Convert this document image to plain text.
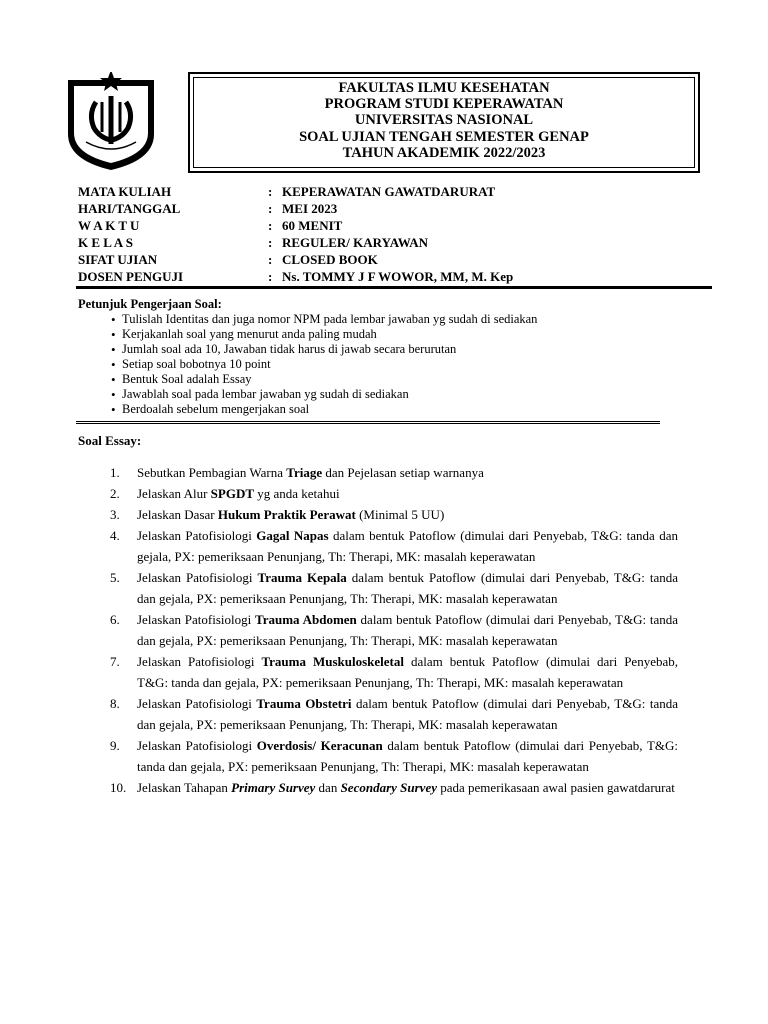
FAKULTAS ILMU KESEHATAN
PROGRAM STUDI KEPERAWATAN
UNIVERSITAS NASIONAL
SOAL UJIAN TENGAH SEMESTER GENAP
TAHUN AKADEMIK 2022/2023
MATA KULIAH	: KEPERAWATAN GAWATDARURAT
HARI/TANGGAL	: MEI 2023
W A K T U	: 60 MENIT
K E L A S	: REGULER/ KARYAWAN
SIFAT UJIAN	: CLOSED BOOK
DOSEN PENGUJI	: Ns. TOMMY J F WOWOR, MM, M. Kep
Petunjuk Pengerjaan Soal:
• Tulislah Identitas dan juga nomor NPM pada lembar jawaban yg sudah di sediakan
• Kerjakanlah soal yang menurut anda paling mudah
• Jumlah soal ada 10, Jawaban tidak harus di jawab secara berurutan
• Setiap soal bobotnya 10 point
• Bentuk Soal adalah Essay
• Jawablah soal pada lembar jawaban yg sudah di sediakan
• Berdoalah sebelum mengerjakan soal
Soal Essay:
1. Sebutkan Pembagian Warna Triage dan Pejelasan setiap warnanya
2. Jelaskan Alur SPGDT yg anda ketahui
3. Jelaskan Dasar Hukum Praktik Perawat (Minimal 5 UU)
4. Jelaskan Patofisiologi Gagal Napas dalam bentuk Patoflow (dimulai dari Penyebab, T&G: tanda dan gejala, PX: pemeriksaan Penunjang, Th: Therapi, MK: masalah keperawatan
5. Jelaskan Patofisiologi Trauma Kepala dalam bentuk Patoflow (dimulai dari Penyebab, T&G: tanda dan gejala, PX: pemeriksaan Penunjang, Th: Therapi, MK: masalah keperawatan
6. Jelaskan Patofisiologi Trauma Abdomen dalam bentuk Patoflow (dimulai dari Penyebab, T&G: tanda dan gejala, PX: pemeriksaan Penunjang, Th: Therapi, MK: masalah keperawatan
7. Jelaskan Patofisiologi Trauma Muskuloskeletal dalam bentuk Patoflow (dimulai dari Penyebab, T&G: tanda dan gejala, PX: pemeriksaan Penunjang, Th: Therapi, MK: masalah keperawatan
8. Jelaskan Patofisiologi Trauma Obstetri dalam bentuk Patoflow (dimulai dari Penyebab, T&G: tanda dan gejala, PX: pemeriksaan Penunjang, Th: Therapi, MK: masalah keperawatan
9. Jelaskan Patofisiologi Overdosis/ Keracunan dalam bentuk Patoflow (dimulai dari Penyebab, T&G: tanda dan gejala, PX: pemeriksaan Penunjang, Th: Therapi, MK: masalah keperawatan
10. Jelaskan Tahapan Primary Survey dan Secondary Survey pada pemerikasaan awal pasien gawatdarurat
